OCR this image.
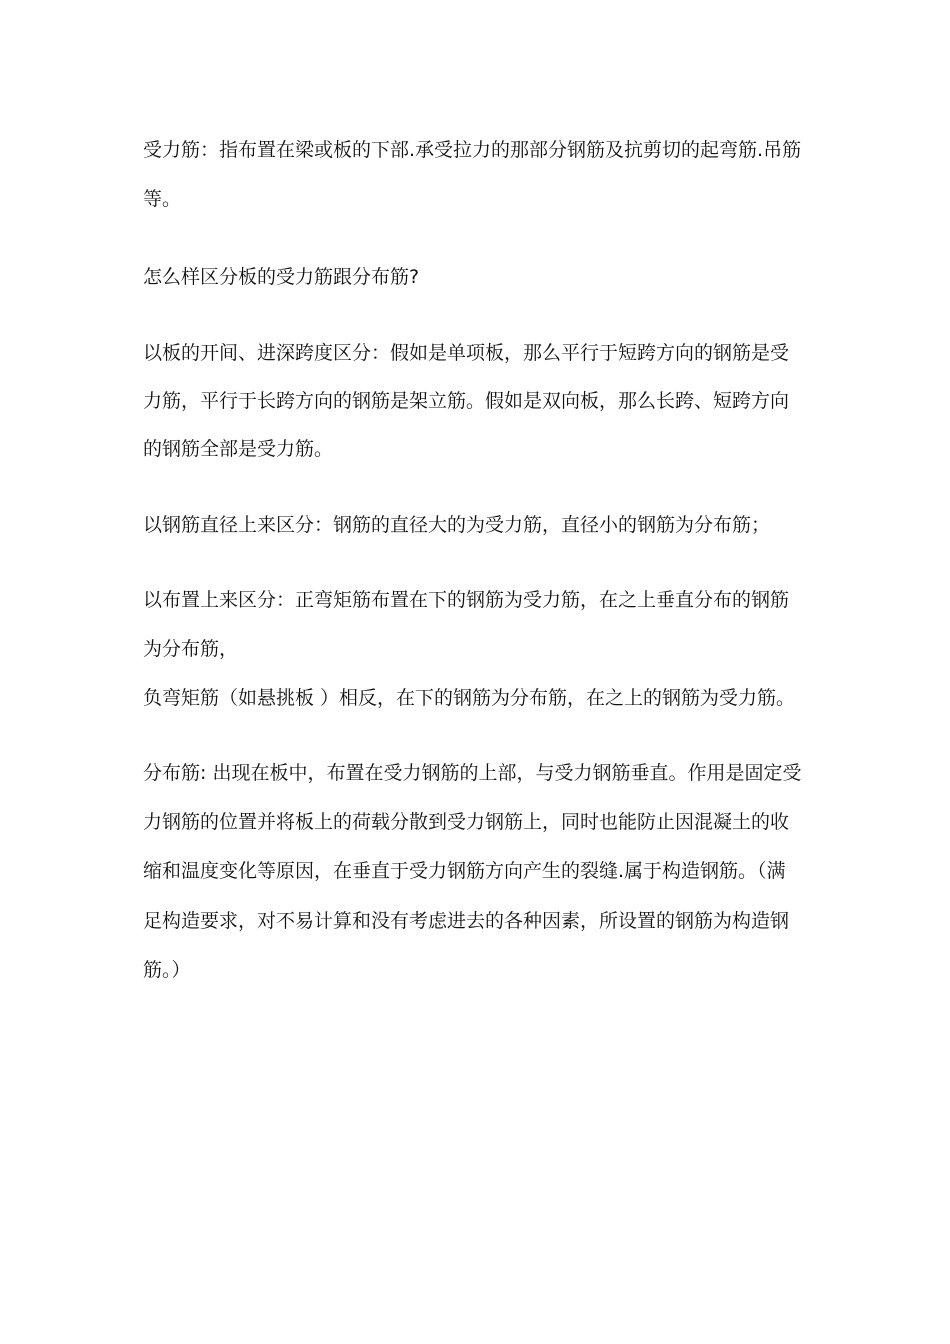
受力筋：指布置在梁或板的下部.承受拉力的那部分钢筋及抗剪切的起弯筋.吊筋
等。
怎么样区分板的受力筋跟分布筋?
以板的开间、进深跨度区分：假如是单项板，那么平行于短跨方向的钢筋是受
力筋，平行于长跨方向的钢筋是架立筋。假如是双向板，那么长跨、短跨方向
的钢筋全部是受力筋。
以钢筋直径上来区分：钢筋的直径大的为受力筋，直径小的钢筋为分布筋；
以布置上来区分：正弯矩筋布置在下的钢筋为受力筋，在之上垂直分布的钢筋
为分布筋，
负弯矩筋（如悬挑板 ）相反，在下的钢筋为分布筋，在之上的钢筋为受力筋。
分布筋: 出现在板中，布置在受力钢筋的上部，与受力钢筋垂直。作用是固定受
力钢筋的位置并将板上的荷载分散到受力钢筋上，同时也能防止因混凝土的收
缩和温度变化等原因，在垂直于受力钢筋方向产生的裂缝.属于构造钢筋。（满
足构造要求，对不易计算和没有考虑进去的各种因素，所设置的钢筋为构造钢
筋。）
